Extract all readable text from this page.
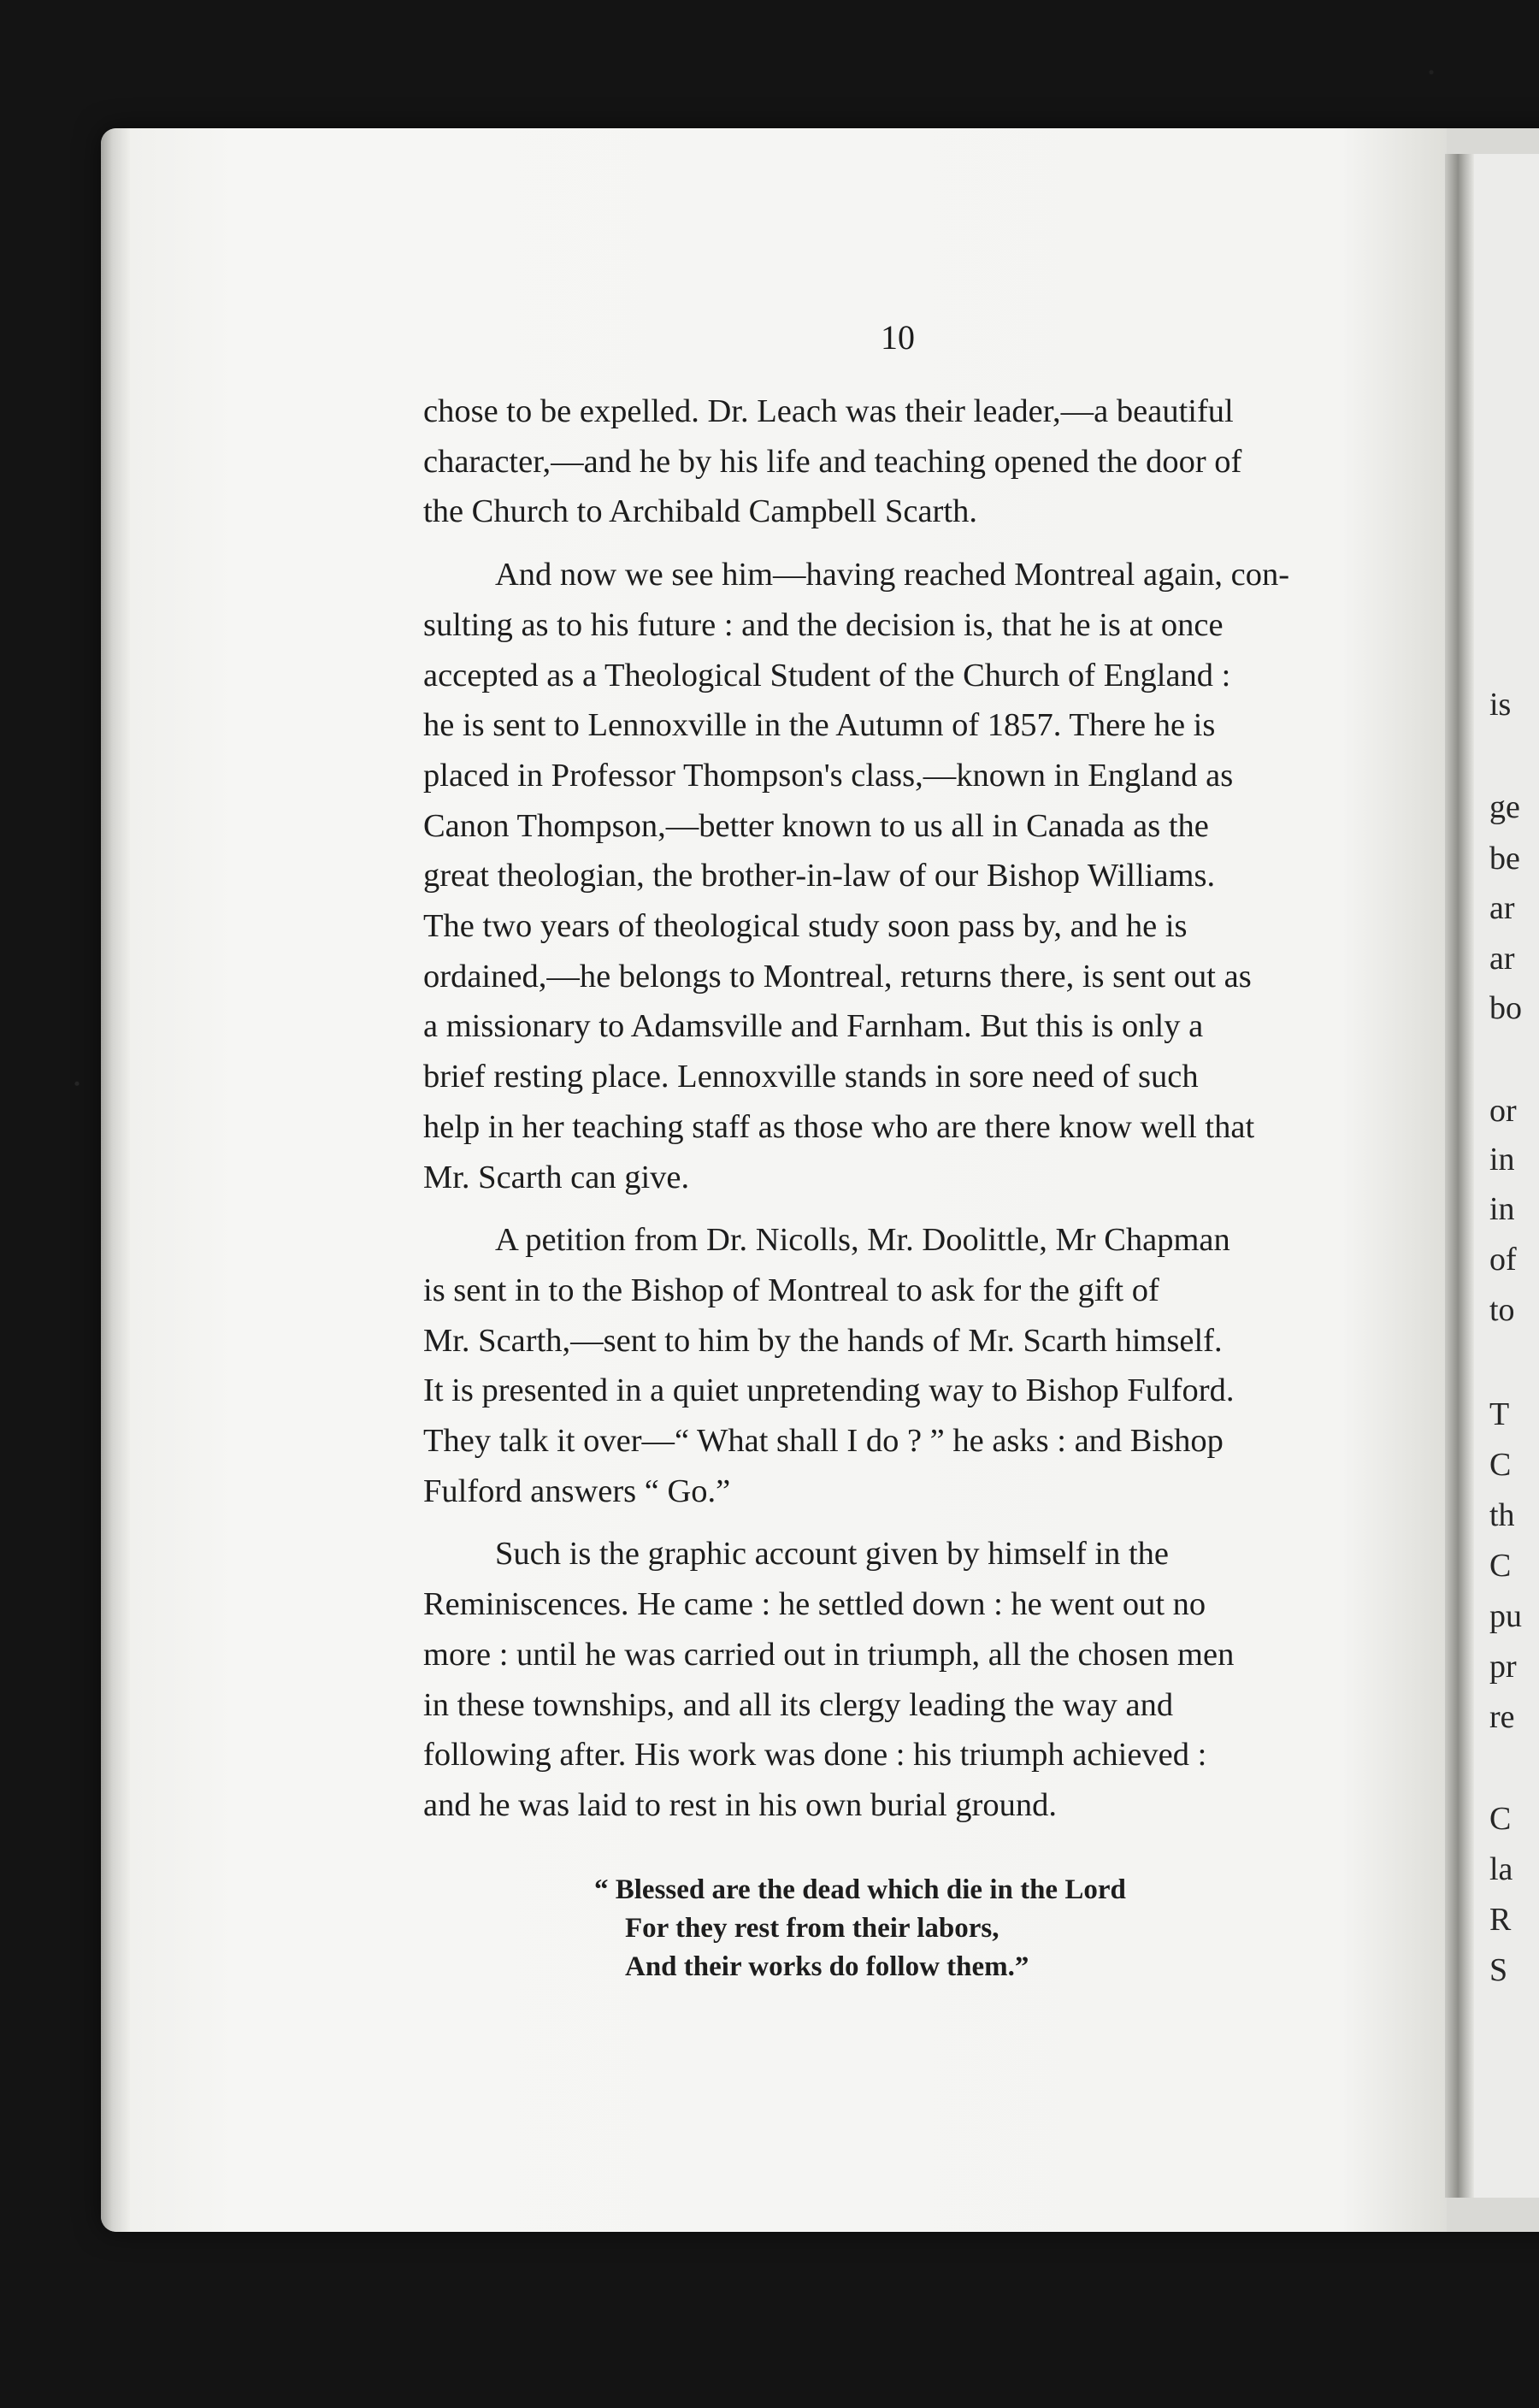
is

ge

be

ar

ar

bo

or

in

in

of

to

T

C

th

C

pu

pr

re

C

la

R

S

10

chose to be expelled. Dr. Leach was their leader,—a beautiful
character,—and he by his life and teaching opened the door of
the Church to Archibald Campbell Scarth.

And now we see him—having reached Montreal again, con-
sulting as to his future : and the decision is, that he is at once
accepted as a Theological Student of the Church of England :
he is sent to Lennoxville in the Autumn of 1857. There he is
placed in Professor Thompson's class,—known in England as
Canon Thompson,—better known to us all in Canada as the
great theologian, the brother-in-law of our Bishop Williams.
The two years of theological study soon pass by, and he is
ordained,—he belongs to Montreal, returns there, is sent out as
a missionary to Adamsville and Farnham. But this is only a
brief resting place. Lennoxville stands in sore need of such
help in her teaching staff as those who are there know well that
Mr. Scarth can give.

A petition from Dr. Nicolls, Mr. Doolittle, Mr Chapman
is sent in to the Bishop of Montreal to ask for the gift of
Mr. Scarth,—sent to him by the hands of Mr. Scarth himself.
It is presented in a quiet unpretending way to Bishop Fulford.
They talk it over—“ What shall I do ? ” he asks : and Bishop
Fulford answers “ Go.”

Such is the graphic account given by himself in the
Reminiscences. He came : he settled down : he went out no
more : until he was carried out in triumph, all the chosen men
in these townships, and all its clergy leading the way and
following after. His work was done : his triumph achieved :
and he was laid to rest in his own burial ground.

“ Blessed are the dead which die in the Lord

For they rest from their labors,

And their works do follow them.”
